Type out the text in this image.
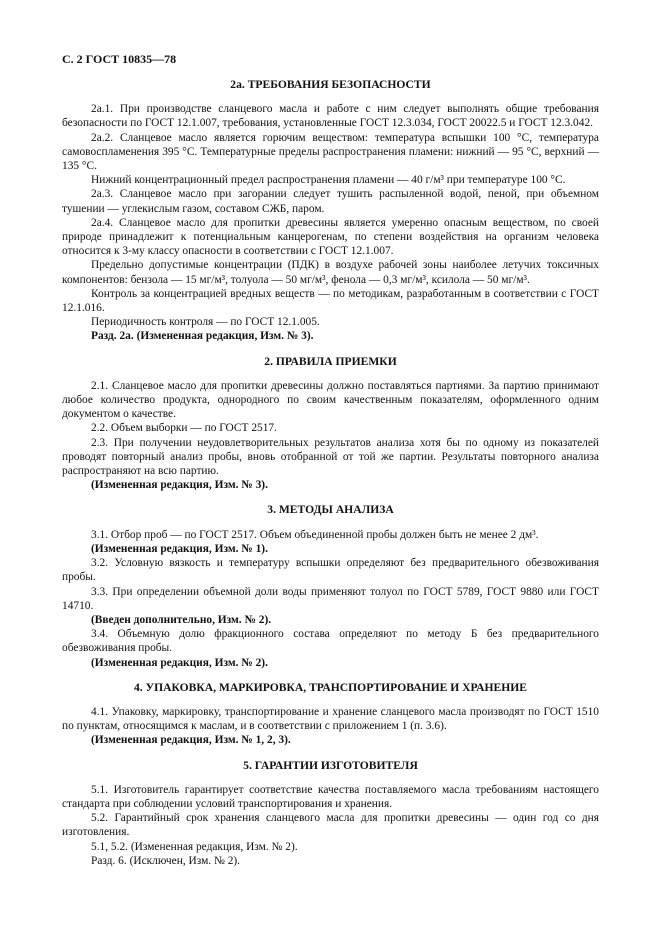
С. 2 ГОСТ 10835—78
2а. ТРЕБОВАНИЯ БЕЗОПАСНОСТИ

2а.1. При производстве сланцевого масла и работе с ним следует выполнять общие требования безопасности по ГОСТ 12.1.007, требования, установленные ГОСТ 12.3.034, ГОСТ 20022.5 и ГОСТ 12.3.042.

2а.2. Сланцевое масло является горючим веществом: температура вспышки 100 °С, температура самовоспламенения 395 °С. Температурные пределы распространения пламени: нижний — 95 °С, верхний — 135 °С.

Нижний концентрационный предел распространения пламени — 40 г/м³ при температуре 100 °С.

2а.3. Сланцевое масло при загорании следует тушить распыленной водой, пеной, при объемном тушении — углекислым газом, составом СЖБ, паром.

2а.4. Сланцевое масло для пропитки древесины является умеренно опасным веществом, по своей природе принадлежит к потенциальным канцерогенам, по степени воздействия на организм человека относится к 3-му классу опасности в соответствии с ГОСТ 12.1.007.

Предельно допустимые концентрации (ПДК) в воздухе рабочей зоны наиболее летучих токсичных компонентов: бензола — 15 мг/м³, толуола — 50 мг/м³, фенола — 0,3 мг/м³, ксилола — 50 мг/м³.

Контроль за концентрацией вредных веществ — по методикам, разработанным в соответствии с ГОСТ 12.1.016.

Периодичность контроля — по ГОСТ 12.1.005.

Разд. 2а. (Измененная редакция, Изм. № 3).

2. ПРАВИЛА ПРИЕМКИ

2.1. Сланцевое масло для пропитки древесины должно поставляться партиями. За партию принимают любое количество продукта, однородного по своим качественным показателям, оформленного одним документом о качестве.

2.2. Объем выборки — по ГОСТ 2517.

2.3. При получении неудовлетворительных результатов анализа хотя бы по одному из показателей проводят повторный анализ пробы, вновь отобранной от той же партии. Результаты повторного анализа распространяют на всю партию.

(Измененная редакция, Изм. № 3).

3. МЕТОДЫ АНАЛИЗА

3.1. Отбор проб — по ГОСТ 2517. Объем объединенной пробы должен быть не менее 2 дм³.

(Измененная редакция, Изм. № 1).

3.2. Условную вязкость и температуру вспышки определяют без предварительного обезвоживания пробы.

3.3. При определении объемной доли воды применяют толуол по ГОСТ 5789, ГОСТ 9880 или ГОСТ 14710.

(Введен дополнительно, Изм. № 2).

3.4. Объемную долю фракционного состава определяют по методу Б без предварительного обезвоживания пробы.

(Измененная редакция, Изм. № 2).

4. УПАКОВКА, МАРКИРОВКА, ТРАНСПОРТИРОВАНИЕ И ХРАНЕНИЕ

4.1. Упаковку, маркировку, транспортирование и хранение сланцевого масла производят по ГОСТ 1510 по пунктам, относящимся к маслам, и в соответствии с приложением 1 (п. 3.6).

(Измененная редакция, Изм. № 1, 2, 3).

5. ГАРАНТИИ ИЗГОТОВИТЕЛЯ

5.1. Изготовитель гарантирует соответствие качества поставляемого масла требованиям настоящего стандарта при соблюдении условий транспортирования и хранения.

5.2. Гарантийный срок хранения сланцевого масла для пропитки древесины — один год со дня изготовления.

5.1, 5.2. (Измененная редакция, Изм. № 2).

Разд. 6. (Исключен, Изм. № 2).
